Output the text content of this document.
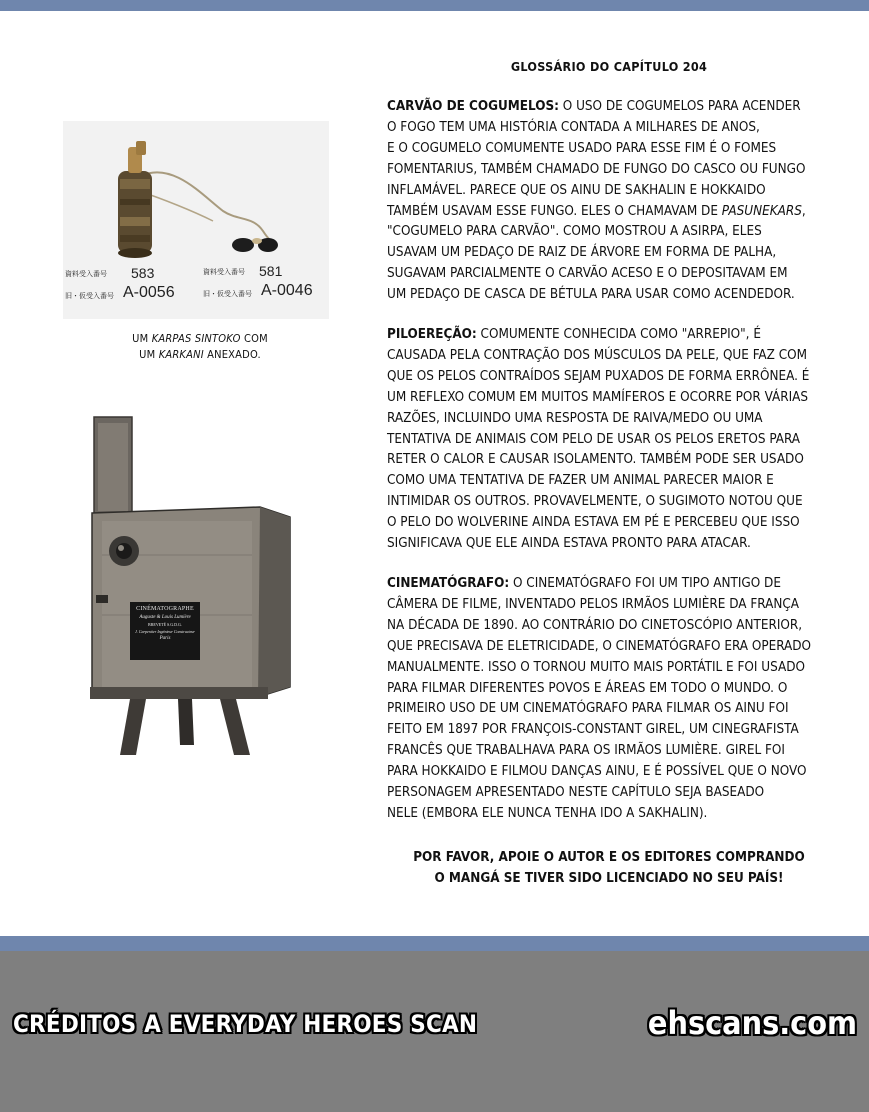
資料受入番号 583
旧・仮受入番号 A-0056
資料受入番号 581
旧・仮受入番号 A-0046
UM KARPAS SINTOKO COM
UM KARKANI ANEXADO.
CINÉMATOGRAPHE
Auguste & Louis Lumière
BREVETÉ S.G.D.G.
J. Carpentier Ingénieur Constructeur
Paris
GLOSSÁRIO DO CAPÍTULO 204
CARVÃO DE COGUMELOS: O USO DE COGUMELOS PARA ACENDER
O FOGO TEM UMA HISTÓRIA CONTADA A MILHARES DE ANOS,
E O COGUMELO COMUMENTE USADO PARA ESSE FIM É O FOMES
FOMENTARIUS, TAMBÉM CHAMADO DE FUNGO DO CASCO OU FUNGO
INFLAMÁVEL. PARECE QUE OS AINU DE SAKHALIN E HOKKAIDO
TAMBÉM USAVAM ESSE FUNGO. ELES O CHAMAVAM DE PASUNEKARS,
"COGUMELO PARA CARVÃO". COMO MOSTROU A ASIRPA, ELES
USAVAM UM PEDAÇO DE RAIZ DE ÁRVORE EM FORMA DE PALHA,
SUGAVAM PARCIALMENTE O CARVÃO ACESO E O DEPOSITAVAM EM
UM PEDAÇO DE CASCA DE BÉTULA PARA USAR COMO ACENDEDOR.
PILOEREÇÃO: COMUMENTE CONHECIDA COMO "ARREPIO", É
CAUSADA PELA CONTRAÇÃO DOS MÚSCULOS DA PELE, QUE FAZ COM
QUE OS PELOS CONTRAÍDOS SEJAM PUXADOS DE FORMA ERRÔNEA. É
UM REFLEXO COMUM EM MUITOS MAMÍFEROS E OCORRE POR VÁRIAS
RAZÕES, INCLUINDO UMA RESPOSTA DE RAIVA/MEDO OU UMA
TENTATIVA DE ANIMAIS COM PELO DE USAR OS PELOS ERETOS PARA
RETER O CALOR E CAUSAR ISOLAMENTO. TAMBÉM PODE SER USADO
COMO UMA TENTATIVA DE FAZER UM ANIMAL PARECER MAIOR E
INTIMIDAR OS OUTROS. PROVAVELMENTE, O SUGIMOTO NOTOU QUE
O PELO DO WOLVERINE AINDA ESTAVA EM PÉ E PERCEBEU QUE ISSO
SIGNIFICAVA QUE ELE AINDA ESTAVA PRONTO PARA ATACAR.
CINEMATÓGRAFO: O CINEMATÓGRAFO FOI UM TIPO ANTIGO DE
CÂMERA DE FILME, INVENTADO PELOS IRMÃOS LUMIÈRE DA FRANÇA
NA DÉCADA DE 1890. AO CONTRÁRIO DO CINETOSCÓPIO ANTERIOR,
QUE PRECISAVA DE ELETRICIDADE, O CINEMATÓGRAFO ERA OPERADO
MANUALMENTE. ISSO O TORNOU MUITO MAIS PORTÁTIL E FOI USADO
PARA FILMAR DIFERENTES POVOS E ÁREAS EM TODO O MUNDO. O
PRIMEIRO USO DE UM CINEMATÓGRAFO PARA FILMAR OS AINU FOI
FEITO EM 1897 POR FRANÇOIS-CONSTANT GIREL, UM CINEGRAFISTA
FRANCÊS QUE TRABALHAVA PARA OS IRMÃOS LUMIÈRE. GIREL FOI
PARA HOKKAIDO E FILMOU DANÇAS AINU, E É POSSÍVEL QUE O NOVO
PERSONAGEM APRESENTADO NESTE CAPÍTULO SEJA BASEADO
NELE (EMBORA ELE NUNCA TENHA IDO A SAKHALIN).
POR FAVOR, APOIE O AUTOR E OS EDITORES COMPRANDO
O MANGÁ SE TIVER SIDO LICENCIADO NO SEU PAÍS!
CRÉDITOS A EVERYDAY HEROES SCAN	ehscans.com
